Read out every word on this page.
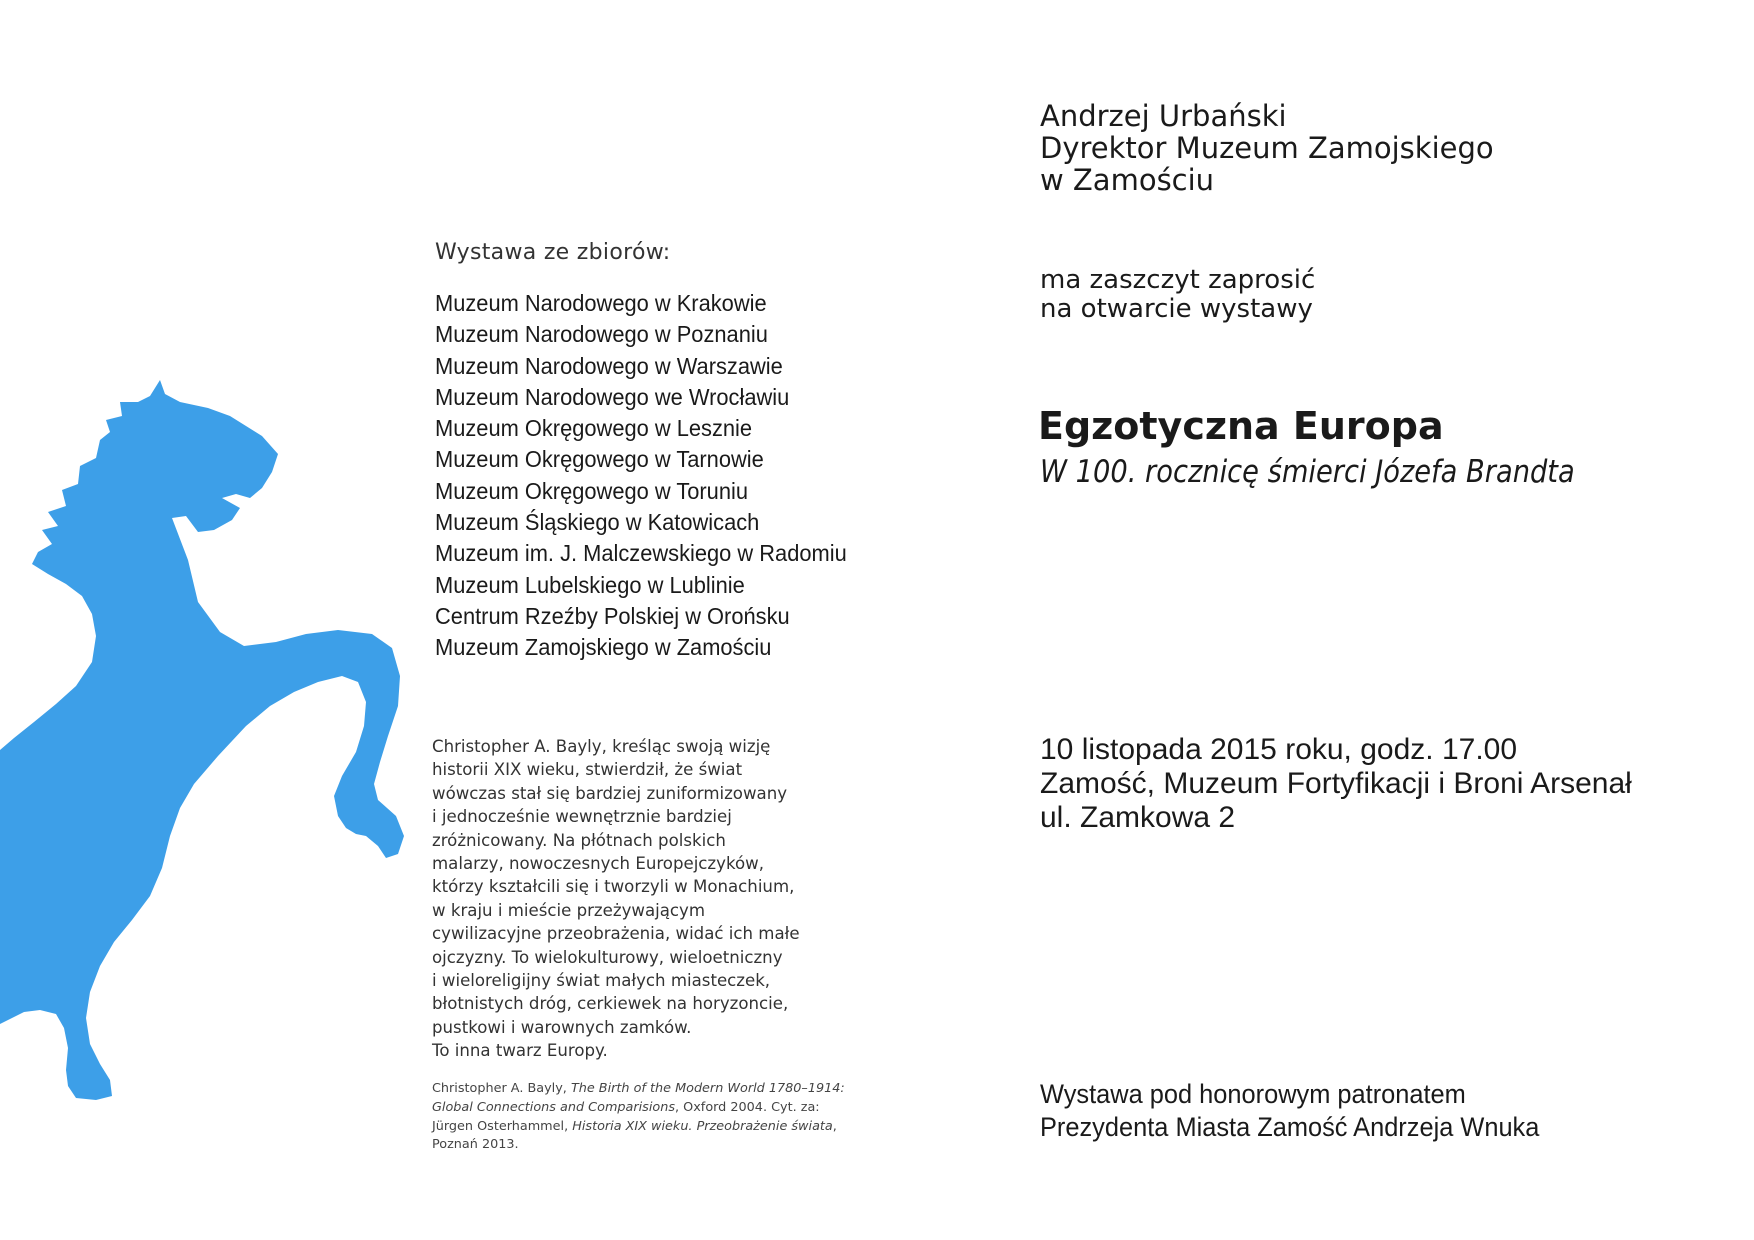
Wystawa ze zbiorów:
Muzeum Narodowego w Krakowie
Muzeum Narodowego w Poznaniu
Muzeum Narodowego w Warszawie
Muzeum Narodowego we Wrocławiu
Muzeum Okręgowego w Lesznie
Muzeum Okręgowego w Tarnowie
Muzeum Okręgowego w Toruniu
Muzeum Śląskiego w Katowicach
Muzeum im. J. Malczewskiego w Radomiu
Muzeum Lubelskiego w Lublinie
Centrum Rzeźby Polskiej w Orońsku
Muzeum Zamojskiego w Zamościu

Christopher A. Bayly, kreśląc swoją wizję
historii XIX wieku, stwierdził, że świat
wówczas stał się bardziej zuniformizowany
i jednocześnie wewnętrznie bardziej
zróżnicowany. Na płótnach polskich
malarzy, nowoczesnych Europejczyków,
którzy kształcili się i tworzyli w Monachium,
w kraju i mieście przeżywającym
cywilizacyjne przeobrażenia, widać ich małe
ojczyzny. To wielokulturowy, wieloetniczny
i wieloreligijny świat małych miasteczek,
błotnistych dróg, cerkiewek na horyzoncie,
pustkowi i warownych zamków.
To inna twarz Europy.

Christopher A. Bayly, The Birth of the Modern World 1780–1914: Global Connections and Comparisions, Oxford 2004. Cyt. za: Jürgen Osterhammel, Historia XIX wieku. Przeobrażenie świata, Poznań 2013.

Andrzej Urbański
Dyrektor Muzeum Zamojskiego
w Zamościu
ma zaszczyt zaprosić
na otwarcie wystawy
Egzotyczna Europa
W 100. rocznicę śmierci Józefa Brandta
10 listopada 2015 roku, godz. 17.00
Zamość, Muzeum Fortyfikacji i Broni Arsenał
ul. Zamkowa 2
Wystawa pod honorowym patronatem
Prezydenta Miasta Zamość Andrzeja Wnuka
